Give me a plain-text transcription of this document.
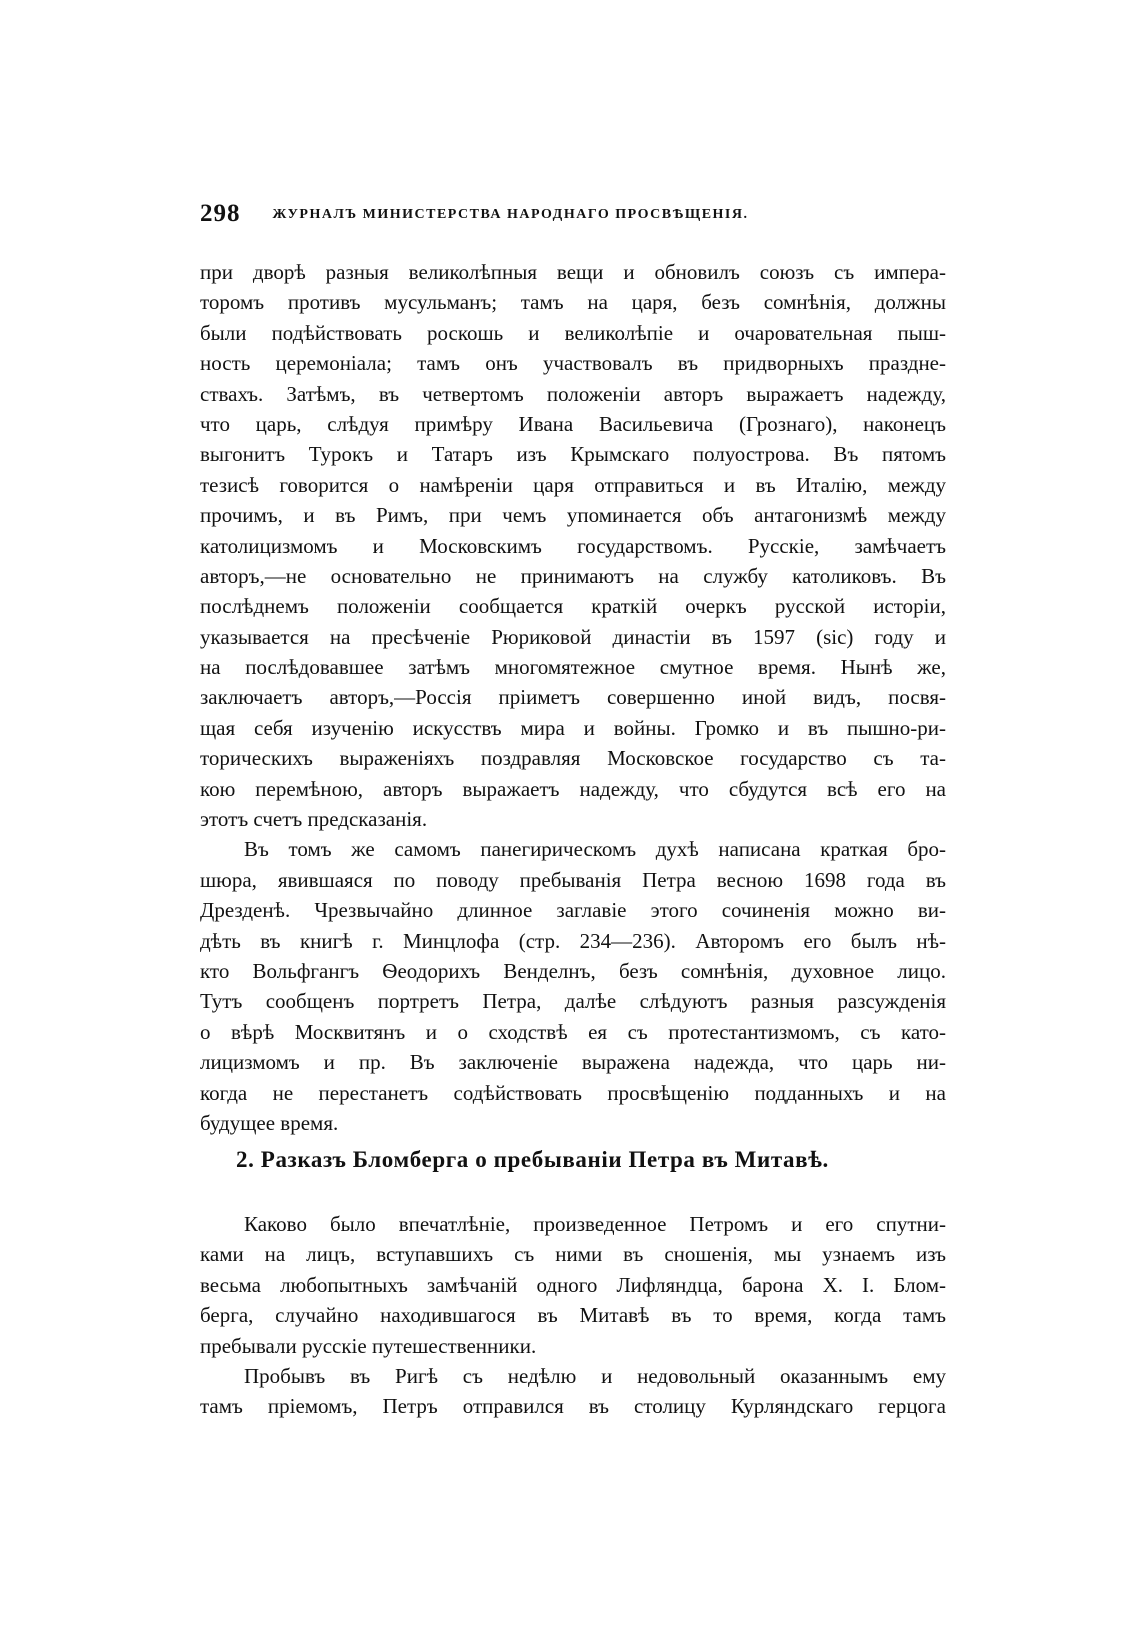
298 ЖУРНАЛЪ МИНИСТЕРСТВА НАРОДНАГО ПРОСВѢЩЕНІЯ.
при дворѣ разныя великолѣпныя вещи и обновилъ союзъ съ импера-
торомъ противъ мусульманъ; тамъ на царя, безъ сомнѣнія, должны
были подѣйствовать роскошь и великолѣпіе и очаровательная пыш-
ность церемоніала; тамъ онъ участвовалъ въ придворныхъ праздне-
ствахъ. Затѣмъ, въ четвертомъ положеніи авторъ выражаетъ надежду,
что царь, слѣдуя примѣру Ивана Васильевича (Грознаго), наконецъ
выгонитъ Турокъ и Татаръ изъ Крымскаго полуострова. Въ пятомъ
тезисѣ говорится о намѣреніи царя отправиться и въ Италію, между
прочимъ, и въ Римъ, при чемъ упоминается объ антагонизмѣ между
католицизмомъ и Московскимъ государствомъ. Русскіе, замѣчаетъ
авторъ,—не основательно не принимаютъ на службу католиковъ. Въ
послѣднемъ положеніи сообщается краткій очеркъ русской исторіи,
указывается на пресѣченіе Рюриковой династіи въ 1597 (sic) году и
на послѣдовавшее затѣмъ многомятежное смутное время. Нынѣ же,
заключаетъ авторъ,—Россія пріиметъ совершенно иной видъ, посвя-
щая себя изученію искусствъ мира и войны. Громко и въ пышно-ри-
торическихъ выраженіяхъ поздравляя Московское государство съ та-
кою перемѣною, авторъ выражаетъ надежду, что сбудутся всѣ его на
этотъ счетъ предсказанія.
Въ томъ же самомъ панегирическомъ духѣ написана краткая бро-
шюра, явившаяся по поводу пребыванія Петра весною 1698 года въ
Дрезденѣ. Чрезвычайно длинное заглавіе этого сочиненія можно ви-
дѣть въ книгѣ г. Минцлофа (стр. 234—236). Авторомъ его былъ нѣ-
кто Вольфгангъ Ѳеодорихъ Венделнъ, безъ сомнѣнія, духовное лицо.
Тутъ сообщенъ портретъ Петра, далѣе слѣдуютъ разныя разсужденія
о вѣрѣ Москвитянъ и о сходствѣ ея съ протестантизмомъ, съ като-
лицизмомъ и пр. Въ заключеніе выражена надежда, что царь ни-
когда не перестанетъ содѣйствовать просвѣщенію подданныхъ и на
будущее время.
2. Разказъ Бломберга о пребываніи Петра въ Митавѣ.
Каково было впечатлѣніе, произведенное Петромъ и его спутни-
ками на лицъ, вступавшихъ съ ними въ сношенія, мы узнаемъ изъ
весьма любопытныхъ замѣчаній одного Лифляндца, барона Х. І. Блом-
берга, случайно находившагося въ Митавѣ въ то время, когда тамъ
пребывали русскіе путешественники.
Пробывъ въ Ригѣ съ недѣлю и недовольный оказаннымъ ему
тамъ пріемомъ, Петръ отправился въ столицу Курляндскаго герцога
